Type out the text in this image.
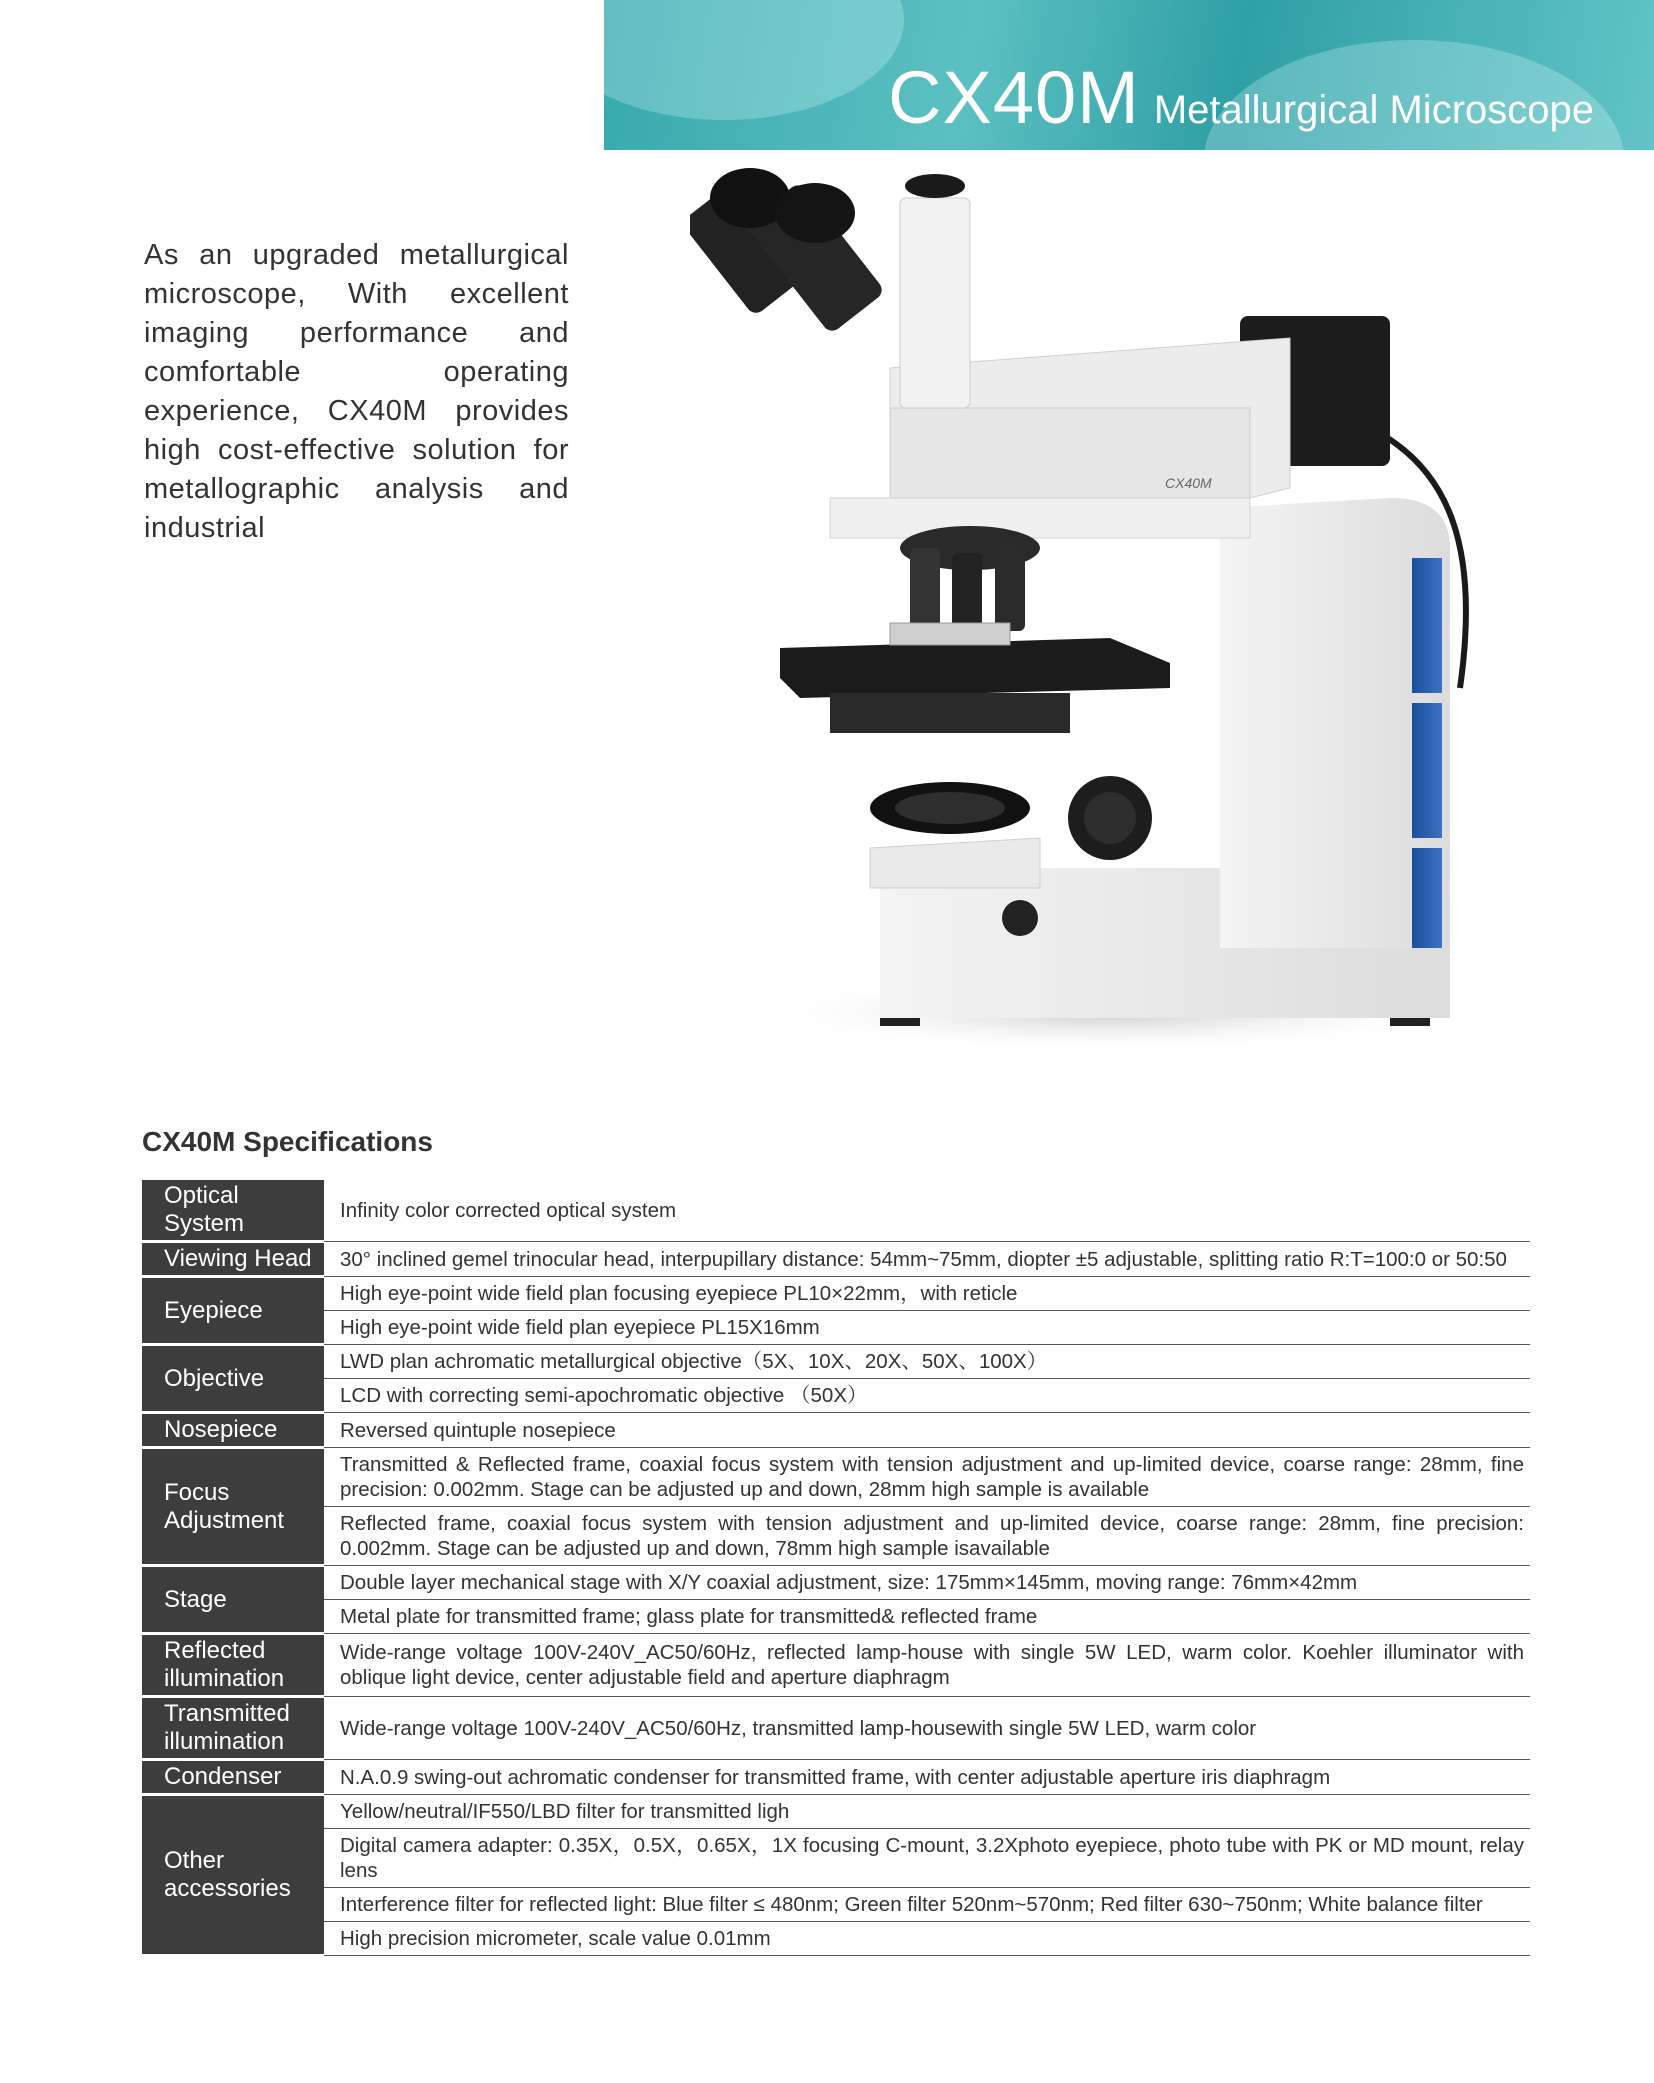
CX40M Metallurgical Microscope
As an upgraded metallurgical microscope, With excellent imaging performance and comfortable operating experience, CX40M provides high cost-effective solution for metallographic analysis and industrial
CX40M
CX40M Specifications
Optical System	Infinity color corrected optical system
Viewing Head	30° inclined gemel trinocular head, interpupillary distance: 54mm~75mm, diopter ±5 adjustable, splitting ratio R:T=100:0 or 50:50
Eyepiece	High eye-point wide field plan focusing eyepiece PL10×22mm，with reticle
	High eye-point wide field plan eyepiece PL15X16mm
Objective	LWD plan achromatic metallurgical objective（5X、10X、20X、50X、100X）
	LCD with correcting semi-apochromatic objective （50X）
Nosepiece	Reversed quintuple nosepiece
Focus Adjustment	Transmitted & Reflected frame, coaxial focus system with tension adjustment and up-limited device, coarse range: 28mm, fine precision: 0.002mm. Stage can be adjusted up and down, 28mm high sample is available
	Reflected frame, coaxial focus system with tension adjustment and up-limited device, coarse range: 28mm, fine precision: 0.002mm. Stage can be adjusted up and down, 78mm high sample isavailable
Stage	Double layer mechanical stage with X/Y coaxial adjustment, size: 175mm×145mm, moving range: 76mm×42mm
	Metal plate for transmitted frame; glass plate for transmitted& reflected frame
Reflected illumination	Wide-range voltage 100V-240V_AC50/60Hz, reflected lamp-house with single 5W LED, warm color. Koehler illuminator with oblique light device, center adjustable field and aperture diaphragm
Transmitted illumination	Wide-range voltage 100V-240V_AC50/60Hz, transmitted lamp-housewith single 5W LED, warm color
Condenser	N.A.0.9 swing-out achromatic condenser for transmitted frame, with center adjustable aperture iris diaphragm
Other accessories	Yellow/neutral/IF550/LBD filter for transmitted ligh
	Digital camera adapter: 0.35X，0.5X，0.65X，1X focusing C-mount, 3.2Xphoto eyepiece, photo tube with PK or MD mount, relay lens
	Interference filter for reflected light: Blue filter ≤ 480nm; Green filter 520nm~570nm; Red filter 630~750nm; White balance filter
	High precision micrometer, scale value 0.01mm
